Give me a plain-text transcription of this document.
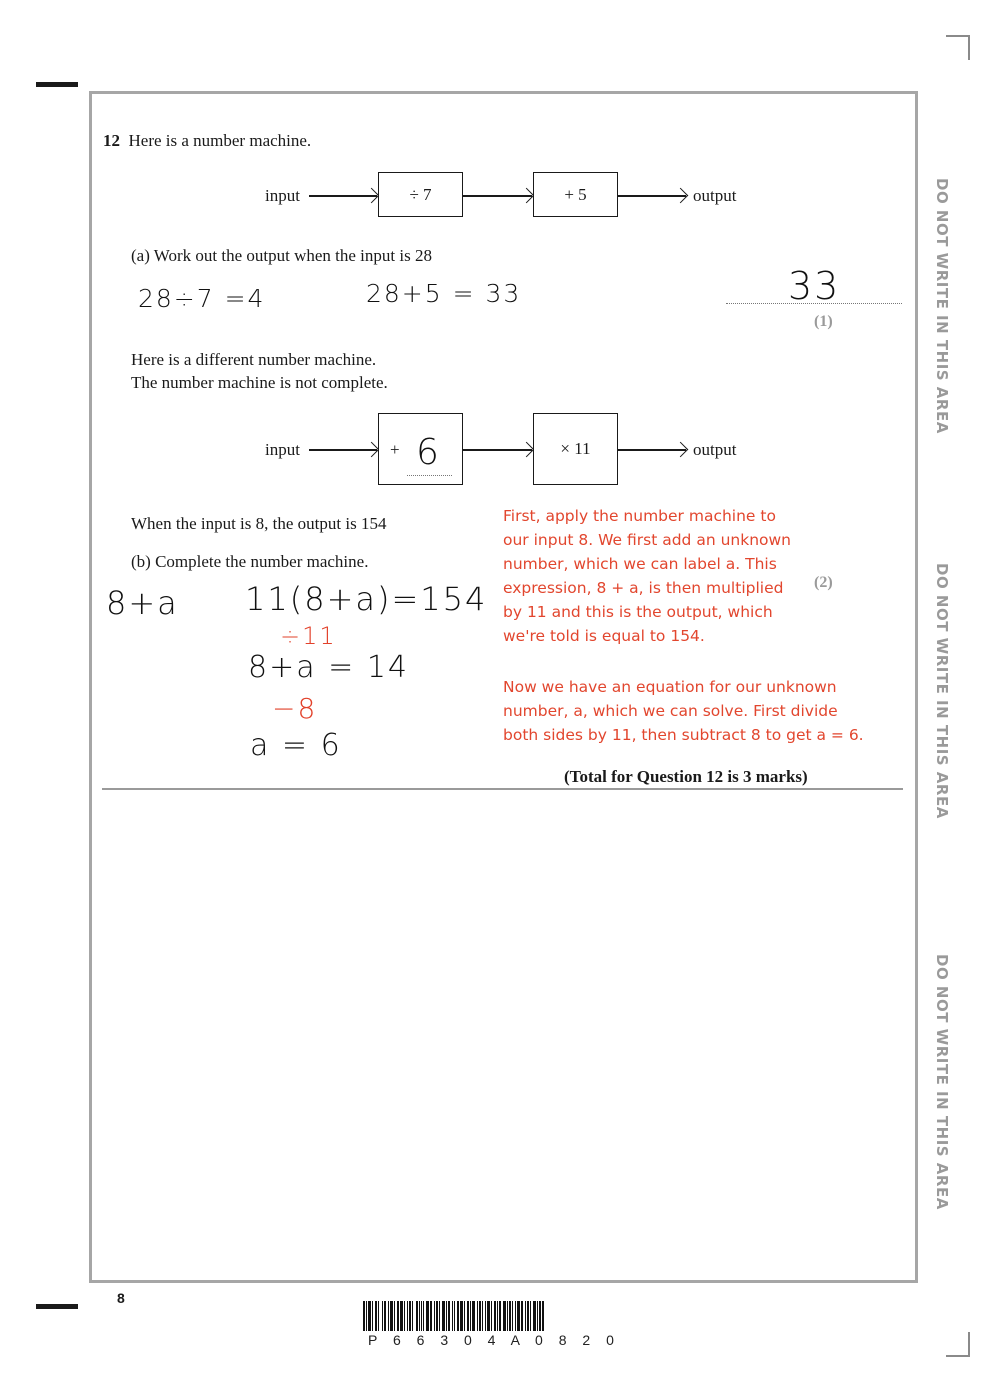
12 Here is a number machine.
input	÷ 7	+ 5	output
(a) Work out the output when the input is 28
28÷7 =4	28+5 = 33	33
(1)
Here is a different number machine.
The number machine is not complete.
input	+ 6	× 11	output
When the input is 8, the output is 154
(b) Complete the number machine.
8+a 11(8+a)=154
÷11
8+a = 14
−8
a = 6
First, apply the number machine to our input 8. We first add an unknown number, which we can label a. This expression, 8 + a, is then multiplied by 11 and this is the output, which we're told is equal to 154.
Now we have an equation for our unknown number, a, which we can solve. First divide both sides by 11, then subtract 8 to get a = 6.
(2)
(Total for Question 12 is 3 marks)
DO NOT WRITE IN THIS AREA
DO NOT WRITE IN THIS AREA
DO NOT WRITE IN THIS AREA
8
P 6 6 3 0 4 A 0 8 2 0
